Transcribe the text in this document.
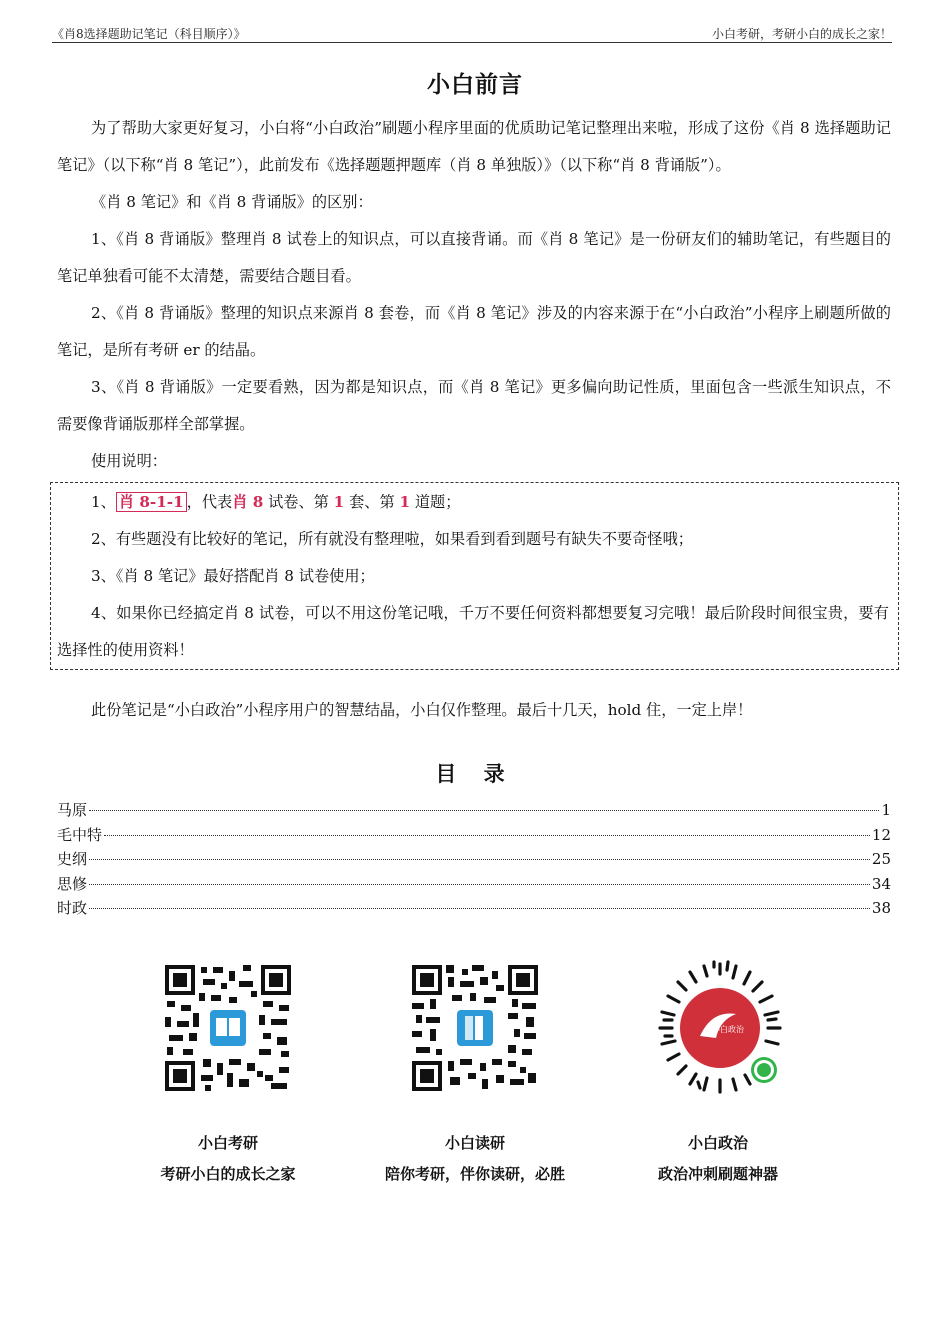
《肖8选择题助记笔记（科目顺序）》	小白考研，考研小白的成长之家！
小白前言

为了帮助大家更好复习，小白将“小白政治”刷题小程序里面的优质助记笔记整理出来啦，形成了这份《肖 8 选择题助记笔记》（以下称“肖 8 笔记”），此前发布《选择题题押题库（肖 8 单独版）》（以下称“肖 8 背诵版”）。

《肖 8 笔记》和《肖 8 背诵版》的区别：

1、《肖 8 背诵版》整理肖 8 试卷上的知识点，可以直接背诵。而《肖 8 笔记》是一份研友们的辅助笔记，有些题目的笔记单独看可能不太清楚，需要结合题目看。

2、《肖 8 背诵版》整理的知识点来源肖 8 套卷，而《肖 8 笔记》涉及的内容来源于在“小白政治”小程序上刷题所做的笔记，是所有考研 er 的结晶。

3、《肖 8 背诵版》一定要看熟，因为都是知识点，而《肖 8 笔记》更多偏向助记性质，里面包含一些派生知识点，不需要像背诵版那样全部掌握。

使用说明：

1、 肖 8-1-1 ，代表肖 8 试卷、第 1 套、第 1 道题；

2、有些题没有比较好的笔记，所有就没有整理啦，如果看到看到题号有缺失不要奇怪哦；

3、《肖 8 笔记》最好搭配肖 8 试卷使用；

4、如果你已经搞定肖 8 试卷，可以不用这份笔记哦，千万不要任何资料都想要复习完哦！最后阶段时间很宝贵，要有选择性的使用资料！

此份笔记是“小白政治”小程序用户的智慧结晶，小白仅作整理。最后十几天，hold 住，一定上岸！

目 录
马原	1
毛中特	12
史纲	25
思修	34
时政	38
小白政治
小白考研
考研小白的成长之家
小白读研
陪你考研，伴你读研，必胜
小白政治
政治冲刺刷题神器
